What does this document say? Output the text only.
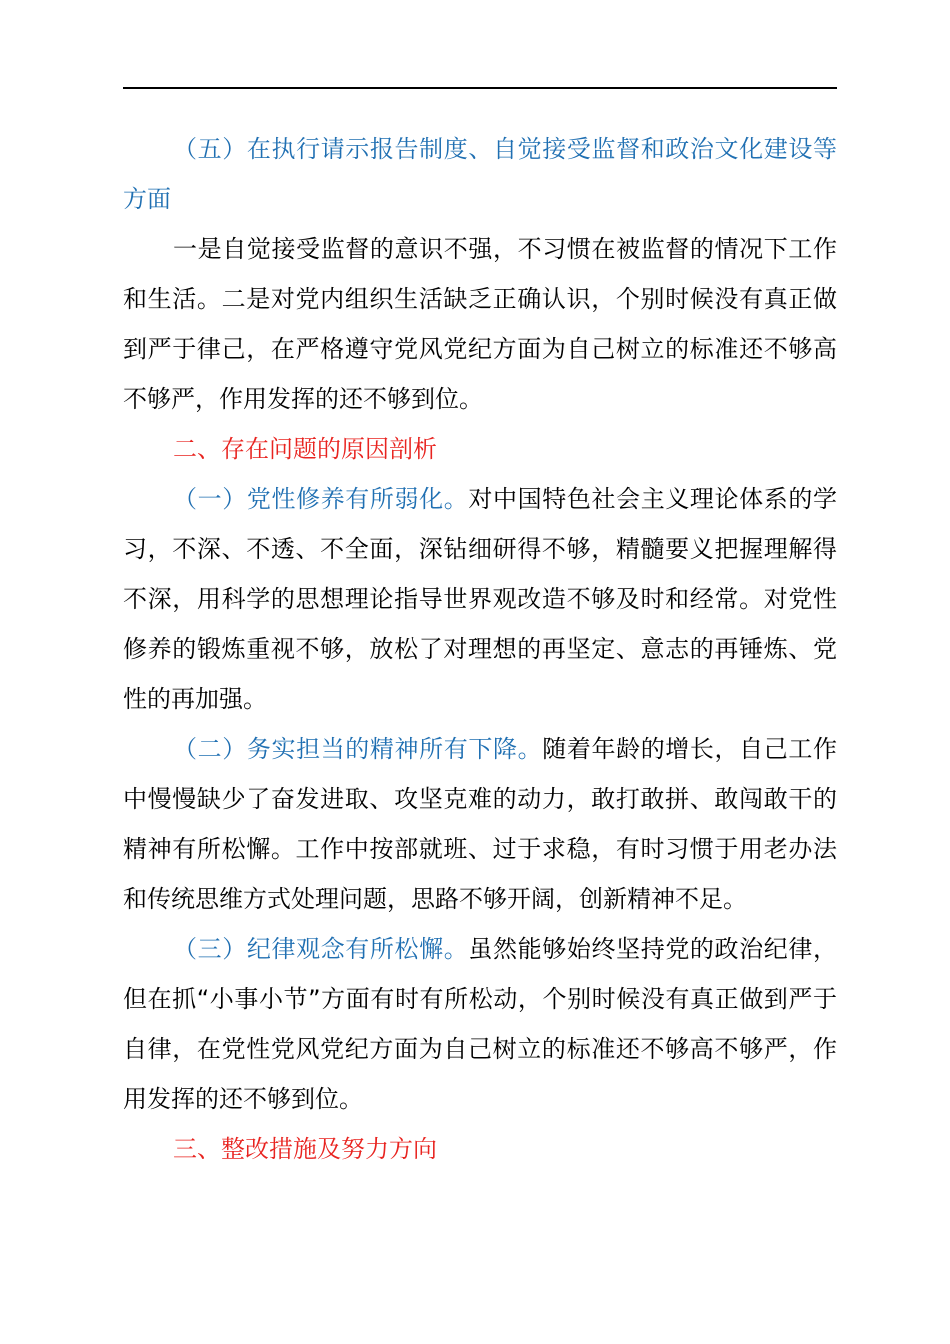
（五）在执行请示报告制度、自觉接受监督和政治文化建设等方面

一是自觉接受监督的意识不强，不习惯在被监督的情况下工作和生活。二是对党内组织生活缺乏正确认识，个别时候没有真正做到严于律己，在严格遵守党风党纪方面为自己树立的标准还不够高不够严，作用发挥的还不够到位。

二、存在问题的原因剖析

（一）党性修养有所弱化。对中国特色社会主义理论体系的学习，不深、不透、不全面，深钻细研得不够，精髓要义把握理解得不深，用科学的思想理论指导世界观改造不够及时和经常。对党性修养的锻炼重视不够，放松了对理想的再坚定、意志的再锤炼、党性的再加强。

（二）务实担当的精神所有下降。随着年龄的增长，自己工作中慢慢缺少了奋发进取、攻坚克难的动力，敢打敢拼、敢闯敢干的精神有所松懈。工作中按部就班、过于求稳，有时习惯于用老办法和传统思维方式处理问题，思路不够开阔，创新精神不足。

（三）纪律观念有所松懈。虽然能够始终坚持党的政治纪律，但在抓“小事小节”方面有时有所松动，个别时候没有真正做到严于自律，在党性党风党纪方面为自己树立的标准还不够高不够严，作用发挥的还不够到位。

三、整改措施及努力方向
